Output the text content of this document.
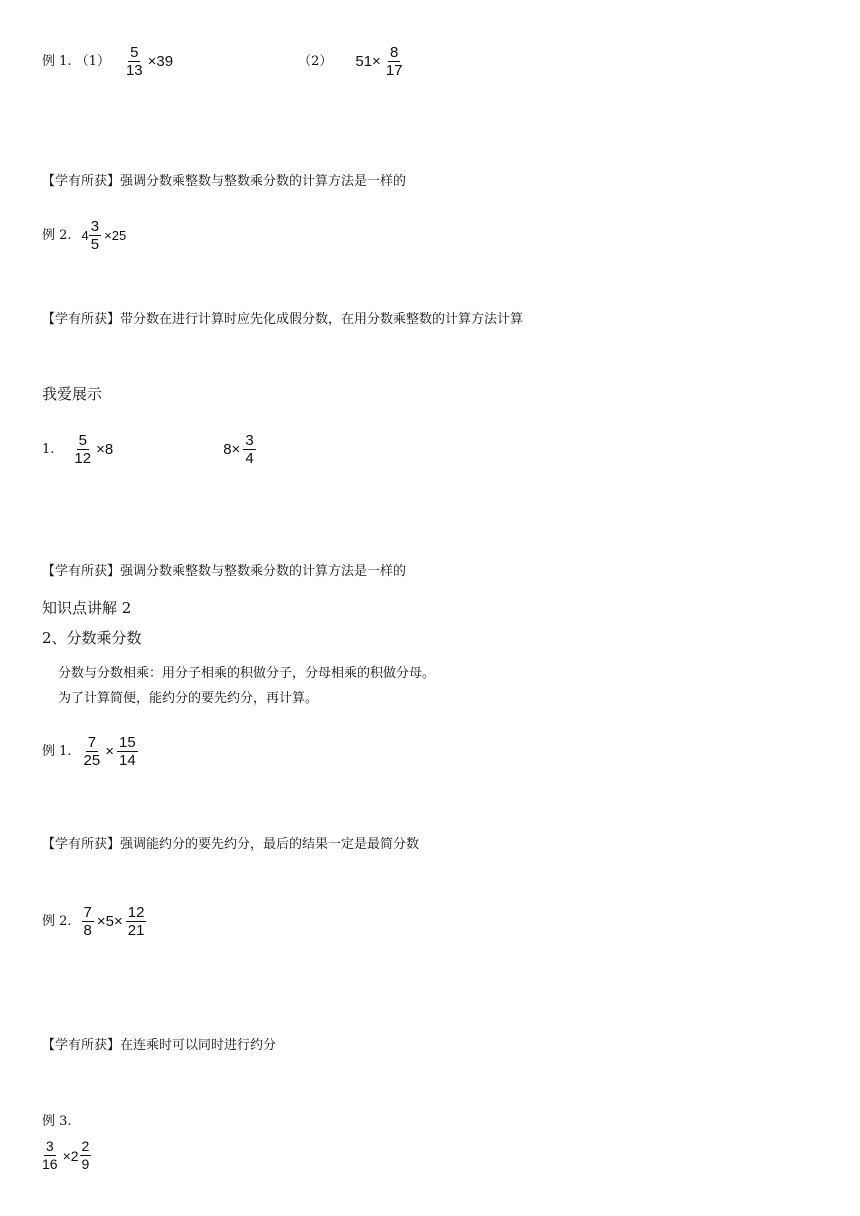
例 1. $(1) \frac{5}{13} \times 39$	（2） $51\times \frac{8}{17}$
【学有所获】强调分数乘整数与整数乘分数的计算方法是一样的
例 2. $4 \frac{3}{5} \times 25$
【学有所获】带分数在进行计算时应先化成假分数，在用分数乘整数的计算方法计算
我爱展示
1. $\frac{5}{12} \times 8$	$8\times \frac{3}{4}$
【学有所获】强调分数乘整数与整数乘分数的计算方法是一样的
知识点讲解 2
2、分数乘分数
分数与分数相乘：用分子相乘的积做分子，分母相乘的积做分母。
为了计算简便，能约分的要先约分，再计算。
例 1. $\frac{7}{25} \times \frac{15}{14}$
【学有所获】强调能约分的要先约分，最后的结果一定是最简分数
例 2. $\frac{7}{8} \times 5\times \frac{12}{21}$
【学有所获】在连乘时可以同时进行约分
例 3.
$\frac{3}{16} \times 2 \frac{2}{9}$
